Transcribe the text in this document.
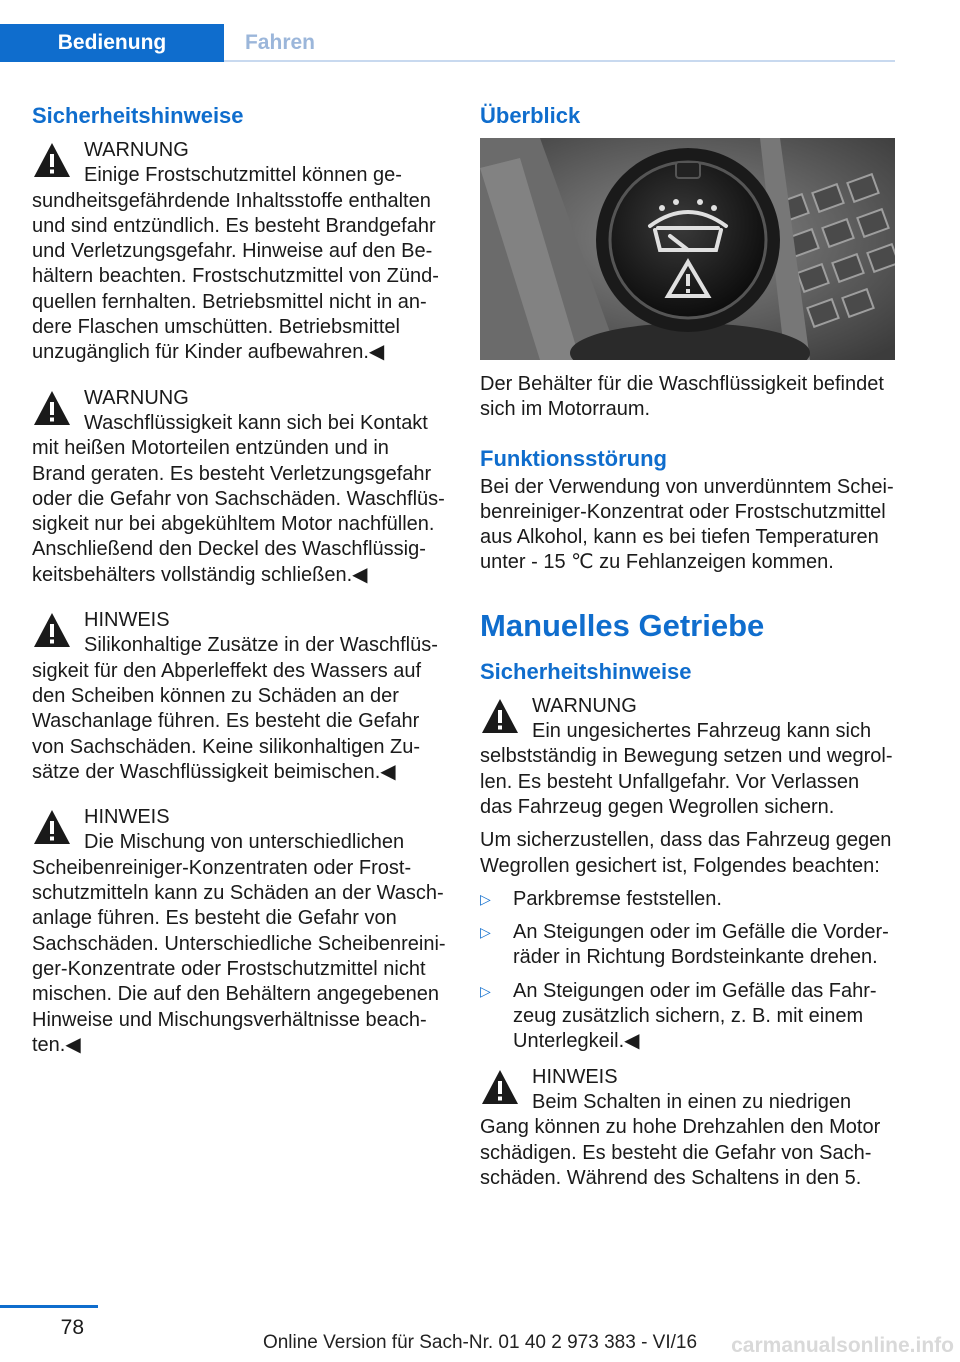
Bedienung	Fahren
Sicherheitshinweise
WARNUNG
Einige Frostschutzmittel können gesundheitsgefährdende Inhaltsstoffe enthalten und sind entzündlich. Es besteht Brandgefahr und Verletzungsgefahr. Hinweise auf den Behältern beachten. Frostschutzmittel von Zündquellen fernhalten. Betriebsmittel nicht in andere Flaschen umschütten. Betriebsmittel unzugänglich für Kinder aufbewahren.◀
WARNUNG
Waschflüssigkeit kann sich bei Kontakt mit heißen Motorteilen entzünden und in Brand geraten. Es besteht Verletzungsgefahr oder die Gefahr von Sachschäden. Waschflüssigkeit nur bei abgekühltem Motor nachfüllen. Anschließend den Deckel des Waschflüssigkeitsbehälters vollständig schließen.◀
HINWEIS
Silikonhaltige Zusätze in der Waschflüssigkeit für den Abperleffekt des Wassers auf den Scheiben können zu Schäden an der Waschanlage führen. Es besteht die Gefahr von Sachschäden. Keine silikonhaltigen Zusätze der Waschflüssigkeit beimischen.◀
HINWEIS
Die Mischung von unterschiedlichen Scheibenreiniger-Konzentraten oder Frostschutzmitteln kann zu Schäden an der Waschanlage führen. Es besteht die Gefahr von Sachschäden. Unterschiedliche Scheibenreiniger-Konzentrate oder Frostschutzmittel nicht mischen. Die auf den Behältern angegebenen Hinweise und Mischungsverhältnisse beachten.◀
Überblick

Der Behälter für die Waschflüssigkeit befindet sich im Motorraum.

Funktionsstörung

Bei der Verwendung von unverdünntem Scheibenreiniger-Konzentrat oder Frostschutzmittel aus Alkohol, kann es bei tiefen Temperaturen unter - 15 ℃ zu Fehlanzeigen kommen.

Manuelles Getriebe
Sicherheitshinweise
WARNUNG
Ein ungesichertes Fahrzeug kann sich selbstständig in Bewegung setzen und wegrollen. Es besteht Unfallgefahr. Vor Verlassen das Fahrzeug gegen Wegrollen sichern.

Um sicherzustellen, dass das Fahrzeug gegen Wegrollen gesichert ist, Folgendes beachten:

▷ Parkbremse feststellen.
▷ An Steigungen oder im Gefälle die Vorderräder in Richtung Bordsteinkante drehen.
▷ An Steigungen oder im Gefälle das Fahrzeug zusätzlich sichern, z. B. mit einem Unterlegkeil.◀
HINWEIS
Beim Schalten in einen zu niedrigen Gang können zu hohe Drehzahlen den Motor schädigen. Es besteht die Gefahr von Sachschäden. Während des Schaltens in den 5.
78
Online Version für Sach-Nr. 01 40 2 973 383 - VI/16	carmanualsonline.info
